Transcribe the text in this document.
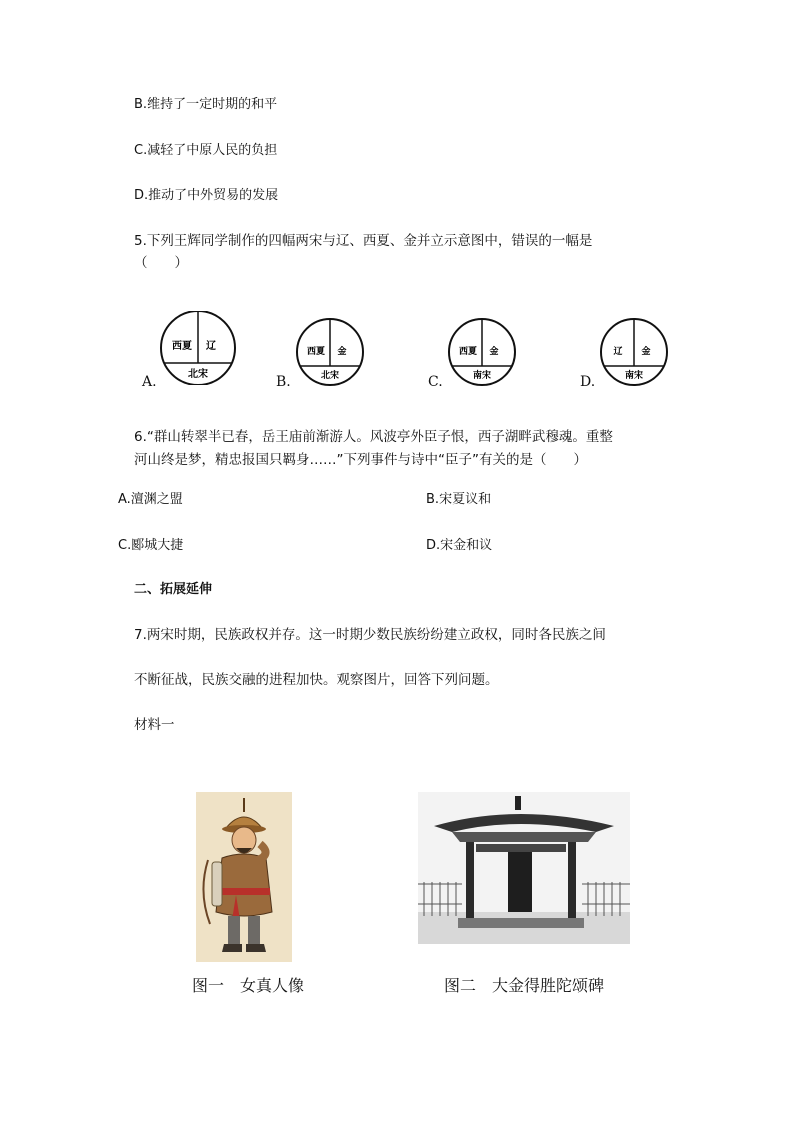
B.维持了一定时期的和平
C.减轻了中原人民的负担
D.推动了中外贸易的发展
5.下列王辉同学制作的四幅两宋与辽、西夏、金并立示意图中，错误的一幅是
（　　）
西夏 辽
北宋
A.
西夏 金
北宋
B.
西夏 金
南宋
C.
辽 金
南宋
D.
6.“群山转翠半已春，岳王庙前渐游人。风波亭外臣子恨，西子湖畔武穆魂。重整
河山终是梦，精忠报国只羁身……”下列事件与诗中“臣子”有关的是（　　）
A.澶渊之盟	B.宋夏议和
C.郾城大捷	D.宋金和议
二、拓展延伸
7.两宋时期，民族政权并存。这一时期少数民族纷纷建立政权，同时各民族之间
不断征战，民族交融的进程加快。观察图片，回答下列问题。
材料一
图一　女真人像	图二　大金得胜陀颂碑
